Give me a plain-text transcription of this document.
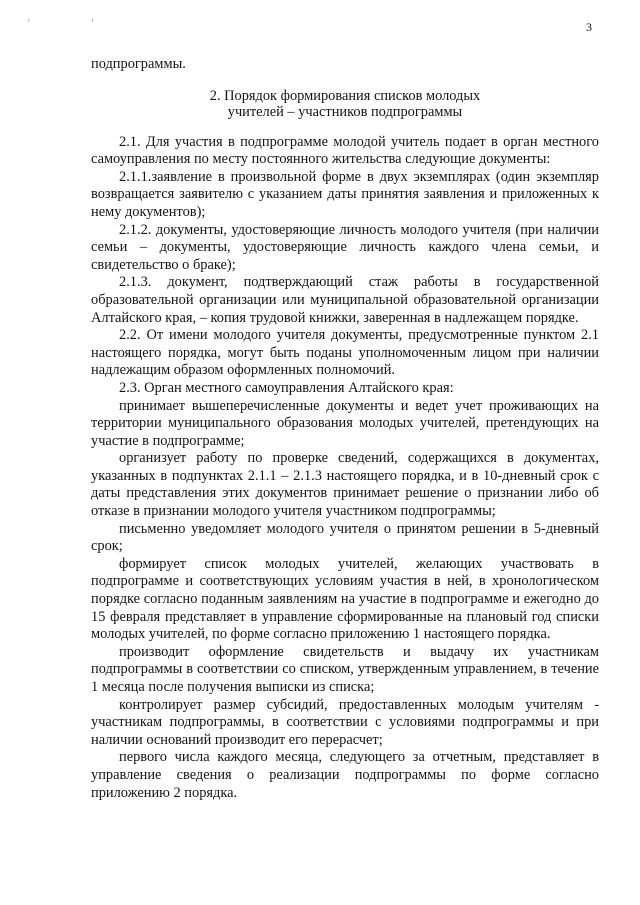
' '	3

подпрограммы.

2. Порядок формирования списков молодых
учителей – участников подпрограммы

2.1. Для участия в подпрограмме молодой учитель подает в орган местного самоуправления по месту постоянного жительства следующие документы:

2.1.1.заявление в произвольной форме в двух экземплярах (один экземпляр возвращается заявителю с указанием даты принятия заявления и приложенных к нему документов);

2.1.2. документы, удостоверяющие личность молодого учителя (при наличии семьи – документы, удостоверяющие личность каждого члена семьи, и свидетельство о браке);

2.1.3. документ, подтверждающий стаж работы в государственной образовательной организации или муниципальной образовательной организации Алтайского края, – копия трудовой книжки, заверенная в надлежащем порядке.

2.2. От имени молодого учителя документы, предусмотренные пунктом 2.1 настоящего порядка, могут быть поданы уполномоченным лицом при наличии надлежащим образом оформленных полномочий.

2.3. Орган местного самоуправления Алтайского края:

принимает вышеперечисленные документы и ведет учет проживающих на территории муниципального образования молодых учителей, претендующих на участие в подпрограмме;

организует работу по проверке сведений, содержащихся в документах, указанных в подпунктах 2.1.1 – 2.1.3 настоящего порядка, и в 10-дневный срок с даты представления этих документов принимает решение о признании либо об отказе в признании молодого учителя участником подпрограммы;

письменно уведомляет молодого учителя о принятом решении в 5-дневный срок;

формирует список молодых учителей, желающих участвовать в подпрограмме и соответствующих условиям участия в ней, в хронологическом порядке согласно поданным заявлениям на участие в подпрограмме и ежегодно до 15 февраля представляет в управление сформированные на плановый год списки молодых учителей, по форме согласно приложению 1 настоящего порядка.

производит оформление свидетельств и выдачу их участникам подпрограммы в соответствии со списком, утвержденным управлением, в течение 1 месяца после получения выписки из списка;

контролирует размер субсидий, предоставленных молодым учителям - участникам подпрограммы, в соответствии с условиями подпрограммы и при наличии оснований производит его перерасчет;

первого числа каждого месяца, следующего за отчетным, представляет в управление сведения о реализации подпрограммы по форме согласно приложению 2 порядка.
